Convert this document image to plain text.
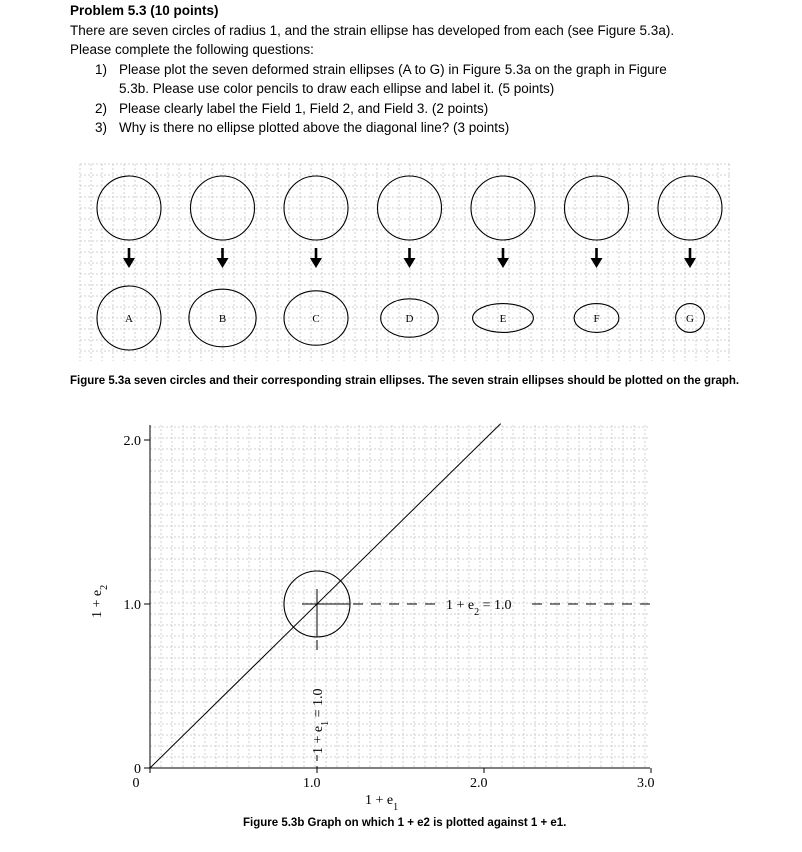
Problem 5.3 (10 points)
There are seven circles of radius 1, and the strain ellipse has developed from each (see Figure 5.3a).
Please complete the following questions:
1) Please plot the seven deformed strain ellipses (A to G) in Figure 5.3a on the graph in Figure
5.3b. Please use color pencils to draw each ellipse and label it. (5 points)
2) Please clearly label the Field 1, Field 2, and Field 3. (2 points)
3) Why is there no ellipse plotted above the diagonal line? (3 points)
A	B	C	D	E	F	G
Figure 5.3a seven circles and their corresponding strain ellipses. The seven strain ellipses should be plotted on the graph.
0
1.0
2.0
0	1.0	2.0	3.0
$1 + e_2 = 1.0$
$1 + e_1 = 1.0$
$1 + e_1$
$1 + e_2$
Figure 5.3b Graph on which 1 + e2 is plotted against 1 + e1.
